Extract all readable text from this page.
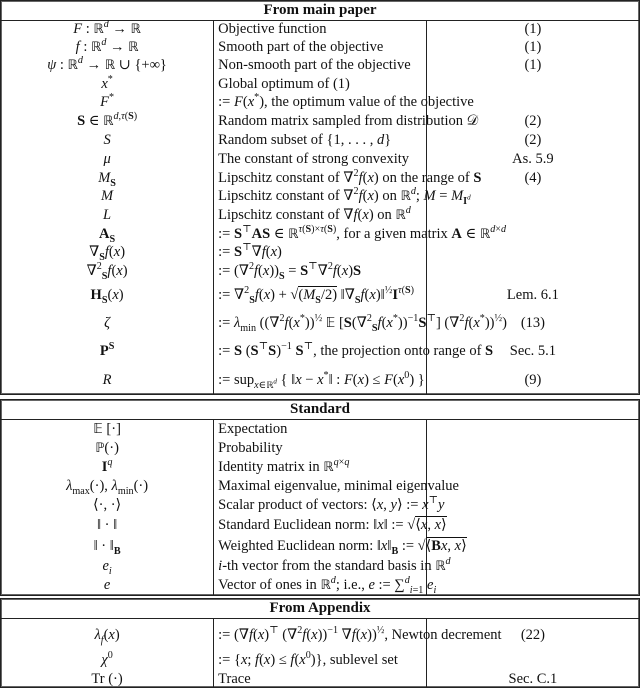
From main paper		
F : ℝ$^d$ → ℝ	Objective function	(1)
f : ℝ$^d$ → ℝ	Smooth part of the objective	(1)
ψ : ℝ$^d$ → ℝ ∪ {+∞}	Non-smooth part of the objective	(1)
x*	Global optimum of (1)	
F*	:= F(x*), the optimum value of the objective	
S ∈ ℝ$^{d,\tau(S)}$	Random matrix sampled from distribution 𝒟	(2)
S	Random subset of {1, . . . , d}	(2)
μ	The constant of strong convexity	As. 5.9
$M_S$	Lipschitz constant of ∇$^2$f(x) on the range of S	(4)
M	Lipschitz constant of ∇$^2$f(x) on ℝ$^d$; $M = M_{I^d}$	
L	Lipschitz constant of ∇f(x) on ℝ$^d$	
$A_S$	:= S⊤AS ∈ ℝ$^{\tau(S)\times\tau(S)}$, for a given matrix A ∈ ℝ$^{d\times d}$	
$\nabla_Sf(x)$	:= S⊤∇f(x)	
∇$^2_S$f(x)	:= $(\nabla^2f(x))_S = S^⊤\nabla^2f(x)S$	
$H_S(x)$	:= $\nabla^2_Sf(x) + √(M_S/2)$ $‖\nabla_Sf(x)‖^{\frac{1}{2}}I^{\tau(S)}$	Lem. 6.1
ζ	:= $\lambda_{min}$ ($(\nabla^2f(x^*))^{\frac{1}{2}}$ 𝔼 $[S(\nabla^2_Sf(x^*))^{-1}S^⊤]$ $(\nabla^2f(x^*))^{\frac{1}{2}}$)	(13)
$P^S$	:= S $(S^⊤S)^{-1}$ S⊤, the projection onto range of S	Sec. 5.1
R	:= sup$_{x\in ℝ^d}$ { ‖x − x*‖ : $F(x) \le F(x^0)$ }	(9)
Standard		
𝔼 [·]	Expectation	
ℙ(·)	Probability	
$I^q$	Identity matrix in ℝ$^{q\times q}$	
$\lambda_{max}(\cdot)$, $\lambda_{min}(\cdot)$	Maximal eigenvalue, minimal eigenvalue	
⟨·, ·⟩	Scalar product of vectors: ⟨x, y⟩ := x⊤y	
‖ · ‖	Standard Euclidean norm: ‖x‖ := √⟨x, x⟩	
‖ · $‖_B$	Weighted Euclidean norm: $‖x‖_B$ := √⟨Bx, x⟩	
$e_i$	i-th vector from the standard basis in ℝ$^d$	
e	Vector of ones in ℝ$^d$; i.e., e := ∑$^d_{i=1}$ $e_i$	
From Appendix		
$\lambda_f(x)$	:= (∇f(x)⊤ $(\nabla^2f(x))^{-1}$ ∇f(x))$^{\frac{1}{2}}$, Newton decrement	(22)
$\chi^0$	:= {x; $f(x) \le f(x^0)$}, sublevel set	
Tr (·)	Trace	Sec. C.1
